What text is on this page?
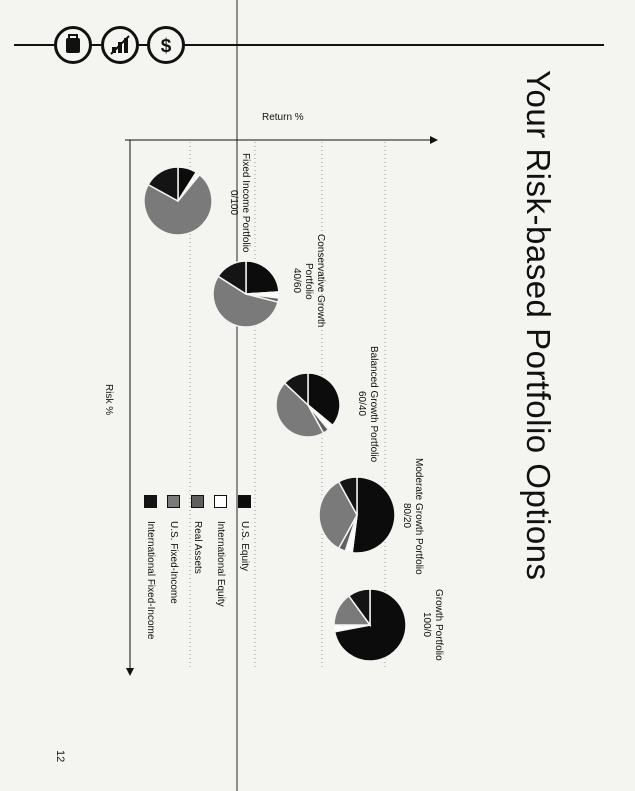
$
Your Risk-based Portfolio Options
Return %
Risk %
Fixed Income Portfolio
0/100
Conservative Growth Portfolio
40/60
Balanced Growth Portfolio
60/40
Moderate Growth Portfolio
80/20
Growth Portfolio
100/0
U.S. Equity
International Equity
Real Assets
U.S. Fixed-Income
International Fixed-Income
12
